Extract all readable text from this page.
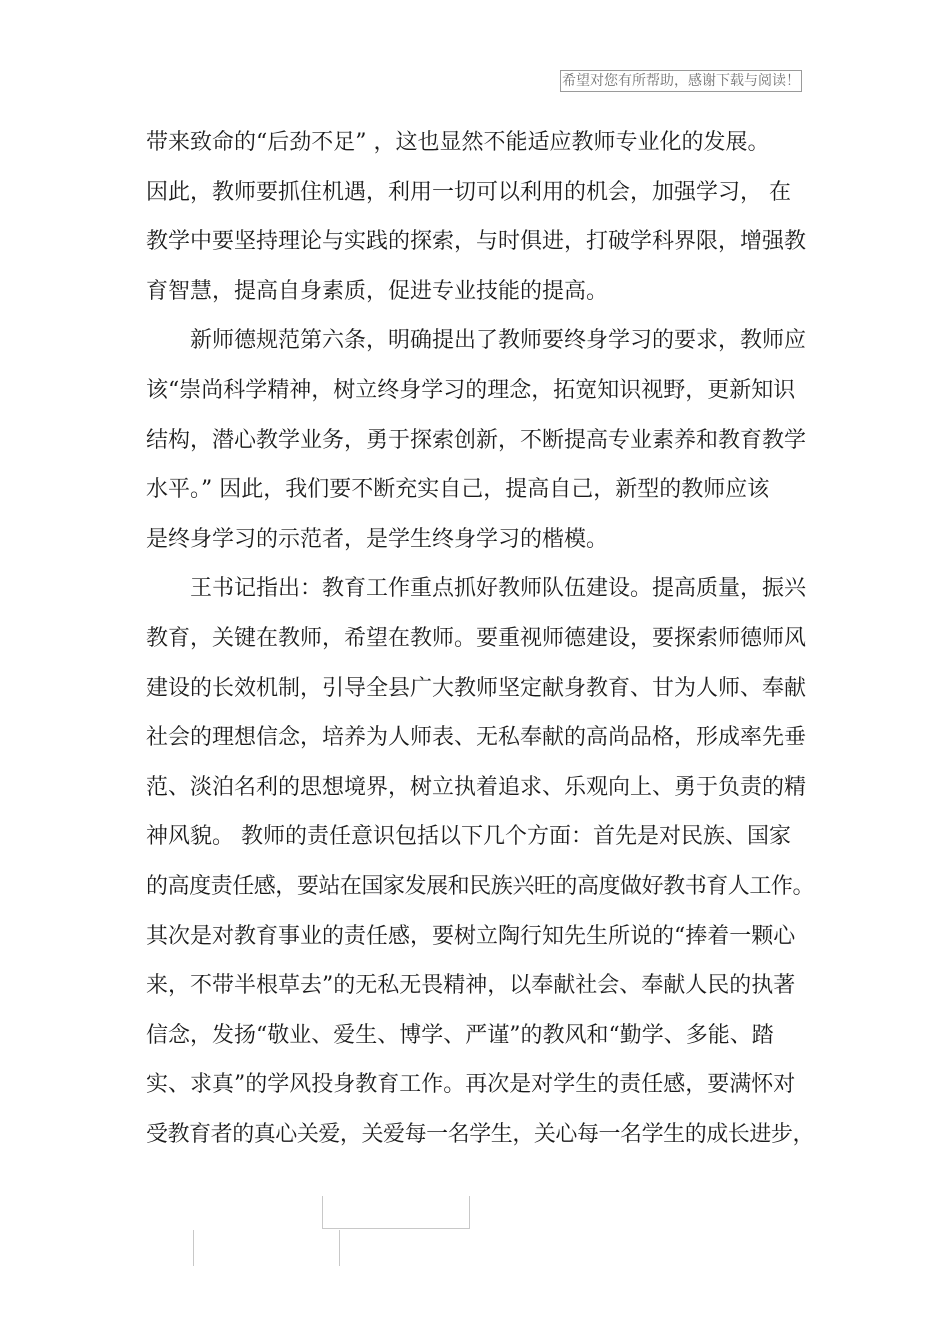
希望对您有所帮助，感谢下载与阅读！
带来致命的“后劲不足” ，这也显然不能适应教师专业化的发展。
因此，教师要抓住机遇，利用一切可以利用的机会，加强学习， 在
教学中要坚持理论与实践的探索，与时俱进，打破学科界限，增强教
育智慧，提高自身素质，促进专业技能的提高。
新师德规范第六条，明确提出了教师要终身学习的要求，教师应
该“崇尚科学精神，树立终身学习的理念，拓宽知识视野，更新知识
结构，潜心教学业务，勇于探索创新，不断提高专业素养和教育教学
水平。” 因此，我们要不断充实自己，提高自己，新型的教师应该
是终身学习的示范者，是学生终身学习的楷模。
王书记指出：教育工作重点抓好教师队伍建设。提高质量，振兴
教育，关键在教师，希望在教师。要重视师德建设，要探索师德师风
建设的长效机制，引导全县广大教师坚定献身教育、甘为人师、奉献
社会的理想信念，培养为人师表、无私奉献的高尚品格，形成率先垂
范、淡泊名利的思想境界，树立执着追求、乐观向上、勇于负责的精
神风貌。 教师的责任意识包括以下几个方面：首先是对民族、国家
的高度责任感，要站在国家发展和民族兴旺的高度做好教书育人工作。
其次是对教育事业的责任感，要树立陶行知先生所说的“捧着一颗心
来，不带半根草去”的无私无畏精神，以奉献社会、奉献人民的执著
信念，发扬“敬业、爱生、博学、严谨”的教风和“勤学、多能、踏
实、求真”的学风投身教育工作。再次是对学生的责任感，要满怀对
受教育者的真心关爱，关爱每一名学生，关心每一名学生的成长进步，
